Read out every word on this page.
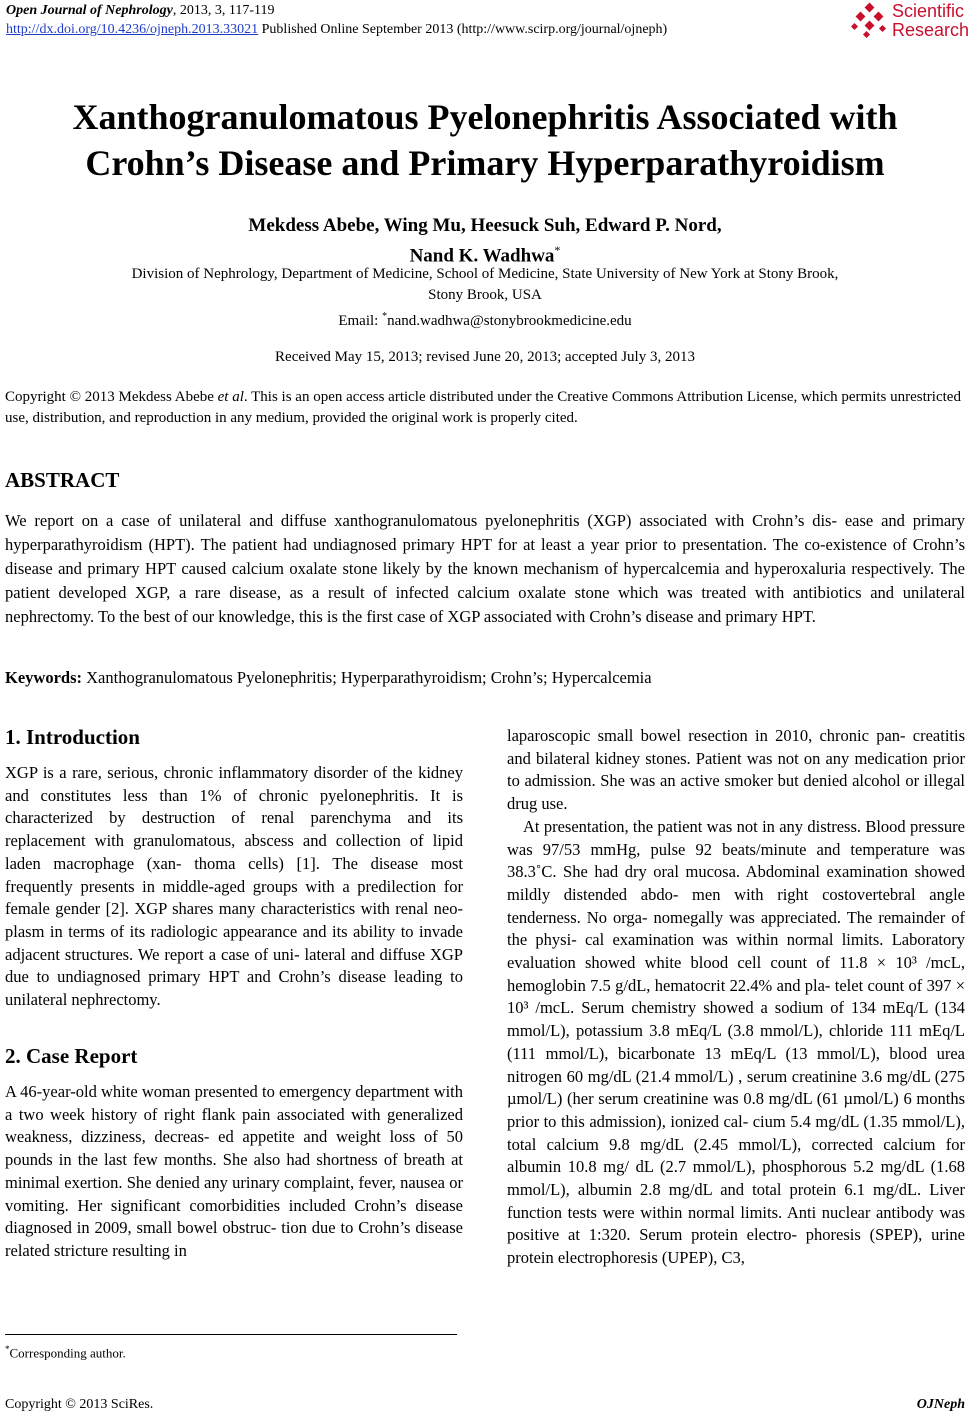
Open Journal of Nephrology, 2013, 3, 117-119
http://dx.doi.org/10.4236/ojneph.2013.33021 Published Online September 2013 (http://www.scirp.org/journal/ojneph)
Scientific
Research
Xanthogranulomatous Pyelonephritis Associated with
Crohn’s Disease and Primary Hyperparathyroidism
Mekdess Abebe, Wing Mu, Heesuck Suh, Edward P. Nord,
Nand K. Wadhwa*
Division of Nephrology, Department of Medicine, School of Medicine, State University of New York at Stony Brook,
Stony Brook, USA
Email: *nand.wadhwa@stonybrookmedicine.edu
Received May 15, 2013; revised June 20, 2013; accepted July 3, 2013
Copyright © 2013 Mekdess Abebe et al. This is an open access article distributed under the Creative Commons Attribution License, which permits unrestricted use, distribution, and reproduction in any medium, provided the original work is properly cited.
ABSTRACT
We report on a case of unilateral and diffuse xanthogranulomatous pyelonephritis (XGP) associated with Crohn’s dis- ease and primary hyperparathyroidism (HPT). The patient had undiagnosed primary HPT for at least a year prior to presentation. The co-existence of Crohn’s disease and primary HPT caused calcium oxalate stone likely by the known mechanism of hypercalcemia and hyperoxaluria respectively. The patient developed XGP, a rare disease, as a result of infected calcium oxalate stone which was treated with antibiotics and unilateral nephrectomy. To the best of our knowledge, this is the first case of XGP associated with Crohn’s disease and primary HPT.
Keywords: Xanthogranulomatous Pyelonephritis; Hyperparathyroidism; Crohn’s; Hypercalcemia
1. Introduction
XGP is a rare, serious, chronic inflammatory disorder of the kidney and constitutes less than 1% of chronic pyelonephritis. It is characterized by destruction of renal parenchyma and its replacement with granulomatous, abscess and collection of lipid laden macrophage (xan- thoma cells) [1]. The disease most frequently presents in middle-aged groups with a predilection for female gender [2]. XGP shares many characteristics with renal neo- plasm in terms of its radiologic appearance and its ability to invade adjacent structures. We report a case of uni- lateral and diffuse XGP due to undiagnosed primary HPT and Crohn’s disease leading to unilateral nephrectomy.
2. Case Report
A 46-year-old white woman presented to emergency department with a two week history of right flank pain associated with generalized weakness, dizziness, decreas- ed appetite and weight loss of 50 pounds in the last few months. She also had shortness of breath at minimal exertion. She denied any urinary complaint, fever, nausea or vomiting. Her significant comorbidities included Crohn’s disease diagnosed in 2009, small bowel obstruc- tion due to Crohn’s disease related stricture resulting in

laparoscopic small bowel resection in 2010, chronic pan- creatitis and bilateral kidney stones. Patient was not on any medication prior to admission. She was an active smoker but denied alcohol or illegal drug use.

At presentation, the patient was not in any distress. Blood pressure was 97/53 mmHg, pulse 92 beats/minute and temperature was 38.3˚C. She had dry oral mucosa. Abdominal examination showed mildly distended abdo- men with right costovertebral angle tenderness. No orga- nomegally was appreciated. The remainder of the physi- cal examination was within normal limits. Laboratory evaluation showed white blood cell count of 11.8 × 10³ /mcL, hemoglobin 7.5 g/dL, hematocrit 22.4% and pla- telet count of 397 × 10³ /mcL. Serum chemistry showed a sodium of 134 mEq/L (134 mmol/L), potassium 3.8 mEq/L (3.8 mmol/L), chloride 111 mEq/L (111 mmol/L), bicarbonate 13 mEq/L (13 mmol/L), blood urea nitrogen 60 mg/dL (21.4 mmol/L) , serum creatinine 3.6 mg/dL (275 µmol/L) (her serum creatinine was 0.8 mg/dL (61 µmol/L) 6 months prior to this admission), ionized cal- cium 5.4 mg/dL (1.35 mmol/L), total calcium 9.8 mg/dL (2.45 mmol/L), corrected calcium for albumin 10.8 mg/ dL (2.7 mmol/L), phosphorous 5.2 mg/dL (1.68 mmol/L), albumin 2.8 mg/dL and total protein 6.1 mg/dL. Liver function tests were within normal limits. Anti nuclear antibody was positive at 1:320. Serum protein electro- phoresis (SPEP), urine protein electrophoresis (UPEP), C3,

*Corresponding author.
Copyright © 2013 SciRes.	OJNeph
